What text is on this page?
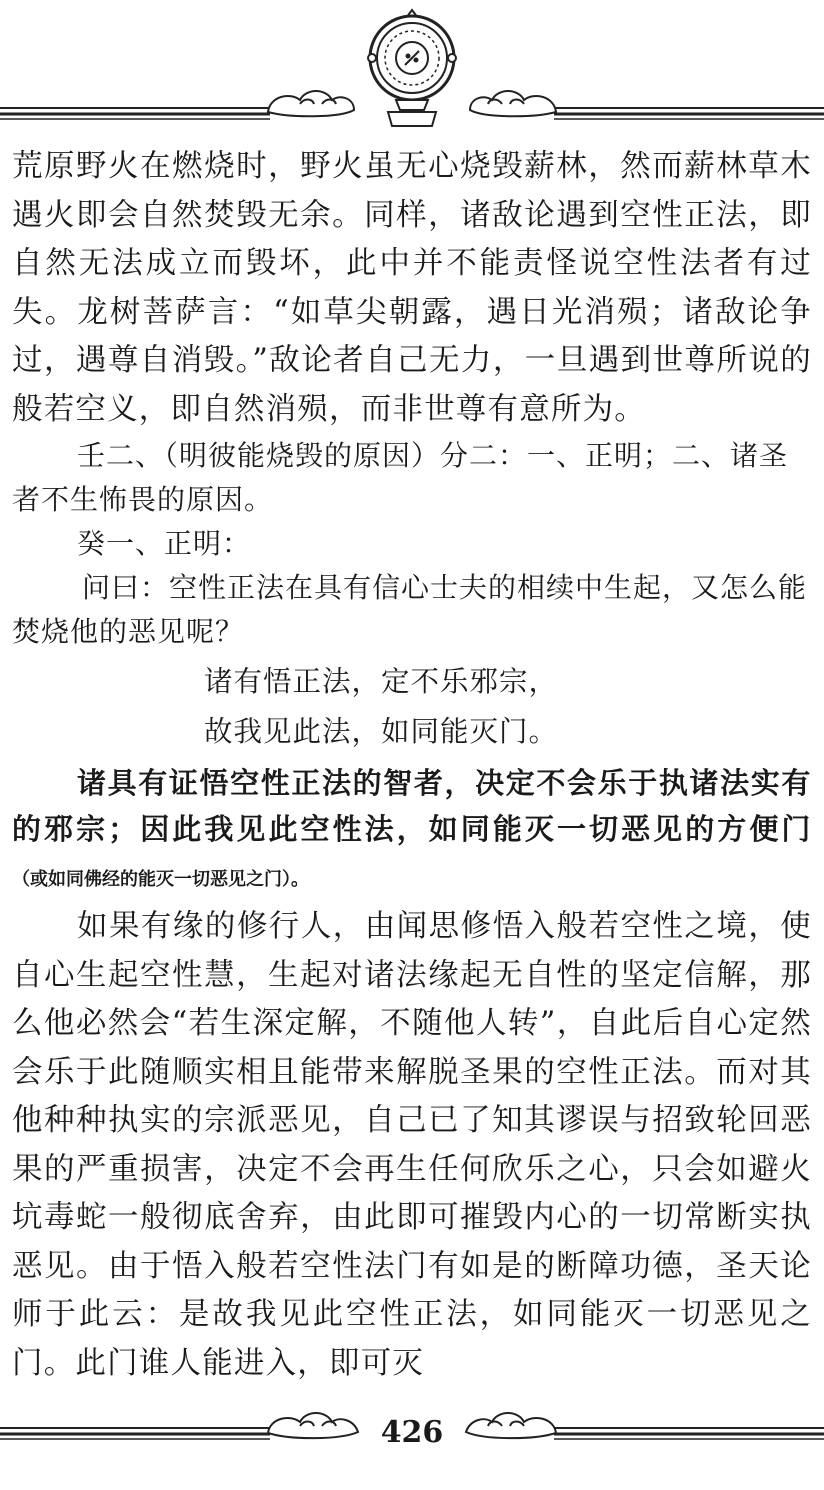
荒原野火在燃烧时，野火虽无心烧毁薪林，然而薪林草木遇火即会自然焚毁无余。同样，诸敌论遇到空性正法，即自然无法成立而毁坏，此中并不能责怪说空性法者有过失。龙树菩萨言：“如草尖朝露，遇日光消殒；诸敌论争过，遇尊自消毁。”敌论者自己无力，一旦遇到世尊所说的般若空义，即自然消殒，而非世尊有意所为。

壬二、（明彼能烧毁的原因）分二：一、正明；二、诸圣者不生怖畏的原因。

癸一、正明：

问曰：空性正法在具有信心士夫的相续中生起，又怎么能焚烧他的恶见呢？

诸有悟正法，定不乐邪宗，

故我见此法，如同能灭门。

诸具有证悟空性正法的智者，决定不会乐于执诸法实有的邪宗；因此我见此空性法，如同能灭一切恶见的方便门（或如同佛经的能灭一切恶见之门）。

如果有缘的修行人，由闻思修悟入般若空性之境，使自心生起空性慧，生起对诸法缘起无自性的坚定信解，那么他必然会“若生深定解，不随他人转”，自此后自心定然会乐于此随顺实相且能带来解脱圣果的空性正法。而对其他种种执实的宗派恶见，自己已了知其谬误与招致轮回恶果的严重损害，决定不会再生任何欣乐之心，只会如避火坑毒蛇一般彻底舍弃，由此即可摧毁内心的一切常断实执恶见。由于悟入般若空性法门有如是的断障功德，圣天论师于此云：是故我见此空性正法，如同能灭一切恶见之门。此门谁人能进入，即可灭

426
